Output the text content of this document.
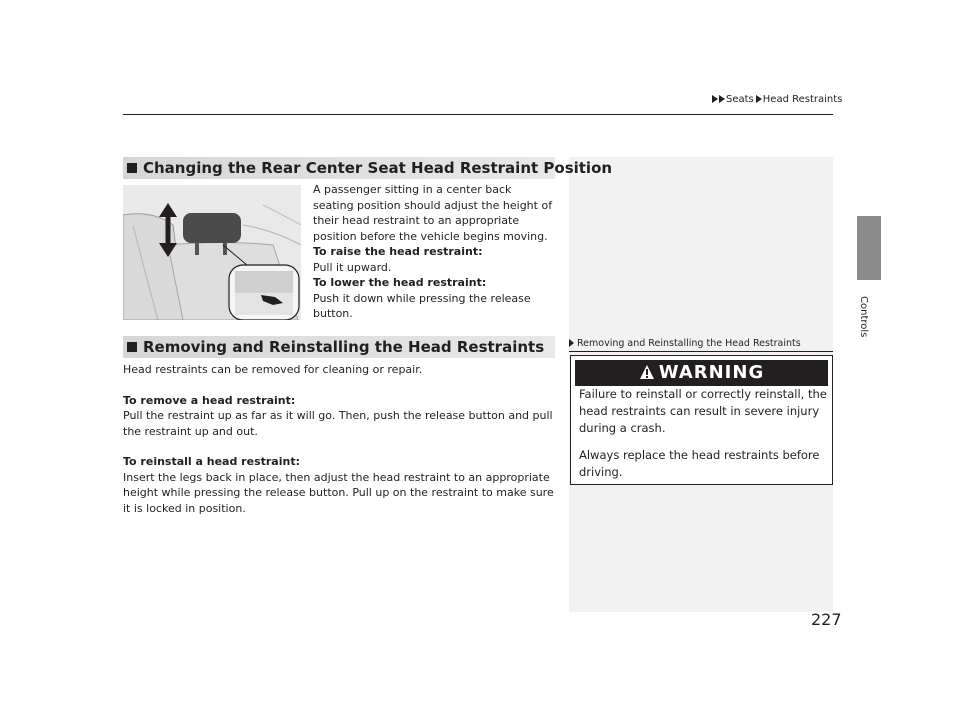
Seats Head Restraints
Controls
Changing the Rear Center Seat Head Restraint Position

A passenger sitting in a center back seating position should adjust the height of their head restraint to an appropriate position before the vehicle begins moving.

To raise the head restraint:

Pull it upward.

To lower the head restraint:

Push it down while pressing the release button.

Removing and Reinstalling the Head Restraints

Head restraints can be removed for cleaning or repair.

To remove a head restraint:

Pull the restraint up as far as it will go. Then, push the release button and pull the restraint up and out.

To reinstall a head restraint:

Insert the legs back in place, then adjust the head restraint to an appropriate height while pressing the release button. Pull up on the restraint to make sure it is locked in position.

Removing and Reinstalling the Head Restraints
WARNING

Failure to reinstall or correctly reinstall, the head restraints can result in severe injury during a crash.

Always replace the head restraints before driving.

227
